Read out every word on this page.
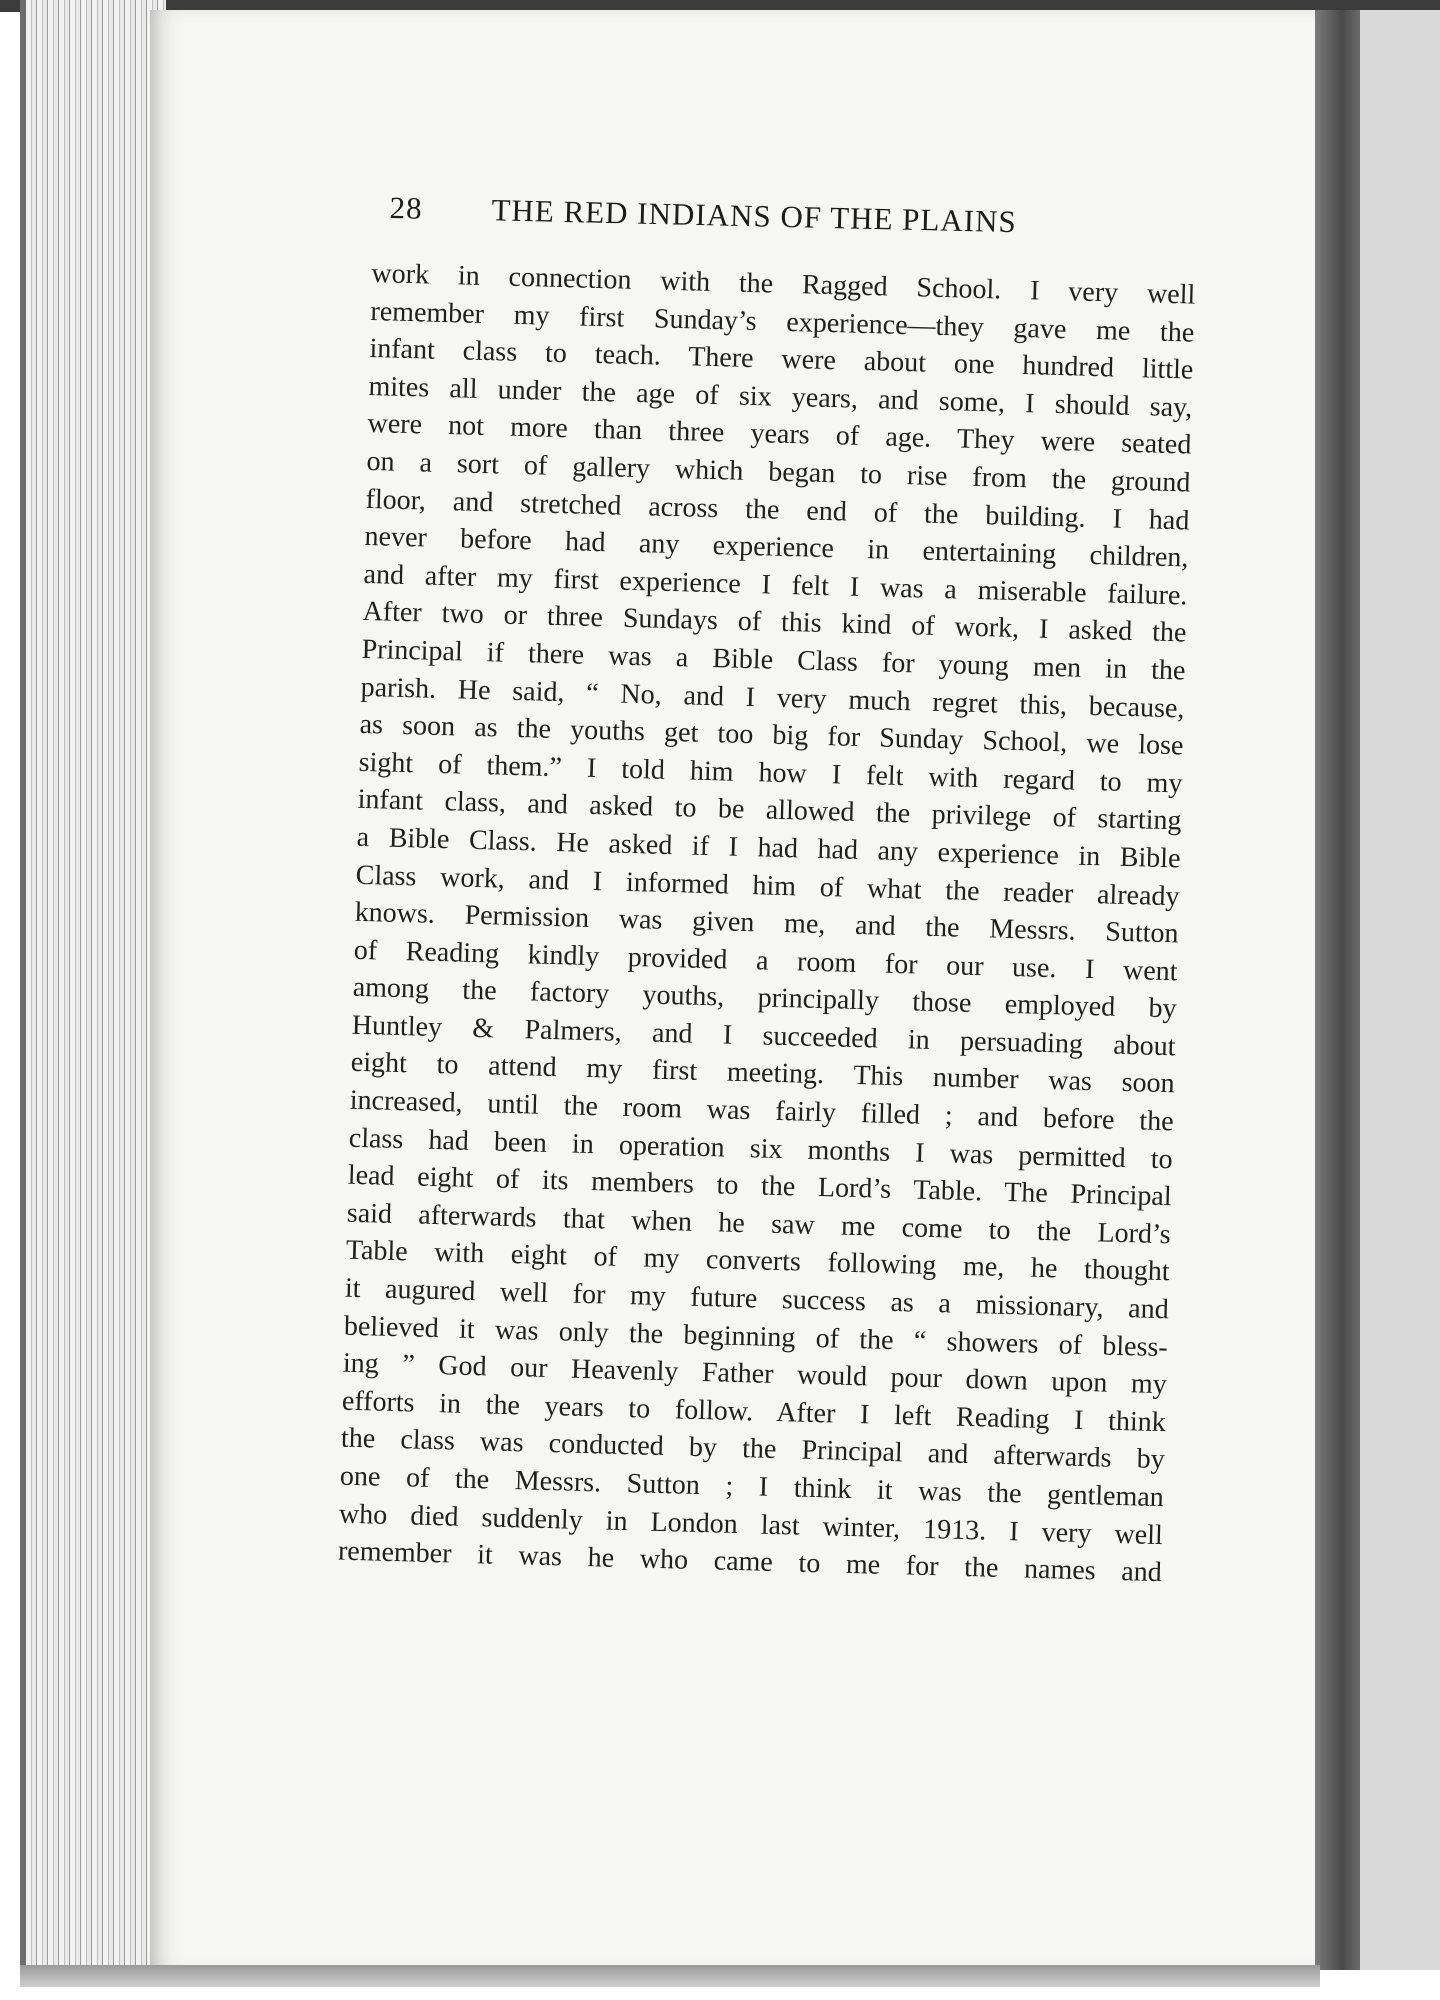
28 THE RED INDIANS OF THE PLAINS
work in connection with the Ragged School. I very well
remember my first Sunday’s experience—they gave me the
infant class to teach. There were about one hundred little
mites all under the age of six years, and some, I should say,
were not more than three years of age. They were seated
on a sort of gallery which began to rise from the ground
floor, and stretched across the end of the building. I had
never before had any experience in entertaining children,
and after my first experience I felt I was a miserable failure.
After two or three Sundays of this kind of work, I asked the
Principal if there was a Bible Class for young men in the
parish. He said, “ No, and I very much regret this, because,
as soon as the youths get too big for Sunday School, we lose
sight of them.” I told him how I felt with regard to my
infant class, and asked to be allowed the privilege of starting
a Bible Class. He asked if I had had any experience in Bible
Class work, and I informed him of what the reader already
knows. Permission was given me, and the Messrs. Sutton
of Reading kindly provided a room for our use. I went
among the factory youths, principally those employed by
Huntley & Palmers, and I succeeded in persuading about
eight to attend my first meeting. This number was soon
increased, until the room was fairly filled ; and before the
class had been in operation six months I was permitted to
lead eight of its members to the Lord’s Table. The Principal
said afterwards that when he saw me come to the Lord’s
Table with eight of my converts following me, he thought
it augured well for my future success as a missionary, and
believed it was only the beginning of the “ showers of bless-
ing ” God our Heavenly Father would pour down upon my
efforts in the years to follow. After I left Reading I think
the class was conducted by the Principal and afterwards by
one of the Messrs. Sutton ; I think it was the gentleman
who died suddenly in London last winter, 1913. I very well
remember it was he who came to me for the names and
